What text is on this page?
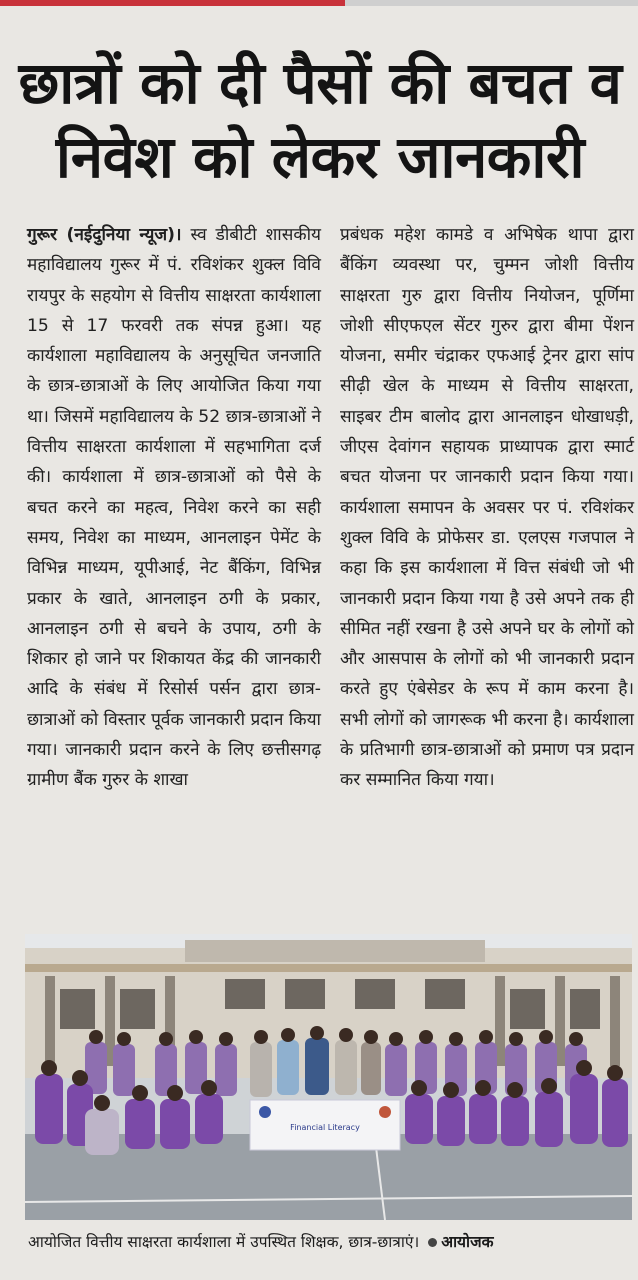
छात्रों को दी पैसों की बचत व निवेश को लेकर जानकारी

गुरूर (नईदुनिया न्यूज)। स्व डीबीटी शासकीय महाविद्यालय गुरूर में पं. रविशंकर शुक्ल विवि रायपुर के सहयोग से वित्तीय साक्षरता कार्यशाला 15 से 17 फरवरी तक संपन्न हुआ। यह कार्यशाला महाविद्यालय के अनुसूचित जनजाति के छात्र-छात्राओं के लिए आयोजित किया गया था। जिसमें महाविद्यालय के 52 छात्र-छात्राओं ने वित्तीय साक्षरता कार्यशाला में सहभागिता दर्ज की। कार्यशाला में छात्र-छात्राओं को पैसे के बचत करने का महत्व, निवेश करने का सही समय, निवेश का माध्यम, आनलाइन पेमेंट के विभिन्न माध्यम, यूपीआई, नेट बैंकिंग, विभिन्न प्रकार के खाते, आनलाइन ठगी के प्रकार, आनलाइन ठगी से बचने के उपाय, ठगी के शिकार हो जाने पर शिकायत केंद्र की जानकारी आदि के संबंध में रिसोर्स पर्सन द्वारा छात्र-छात्राओं को विस्तार पूर्वक जानकारी प्रदान किया गया। जानकारी प्रदान करने के लिए छत्तीसगढ़ ग्रामीण बैंक गुरुर के शाखा

प्रबंधक महेश कामडे व अभिषेक थापा द्वारा बैंकिंग व्यवस्था पर, चुम्मन जोशी वित्तीय साक्षरता गुरु द्वारा वित्तीय नियोजन, पूर्णिमा जोशी सीएफएल सेंटर गुरुर द्वारा बीमा पेंशन योजना, समीर चंद्राकर एफआई ट्रेनर द्वारा सांप सीढ़ी खेल के माध्यम से वित्तीय साक्षरता, साइबर टीम बालोद द्वारा आनलाइन धोखाधड़ी, जीएस देवांगन सहायक प्राध्यापक द्वारा स्मार्ट बचत योजना पर जानकारी प्रदान किया गया। कार्यशाला समापन के अवसर पर पं. रविशंकर शुक्ल विवि के प्रोफेसर डा. एलएस गजपाल ने कहा कि इस कार्यशाला में वित्त संबंधी जो भी जानकारी प्रदान किया गया है उसे अपने तक ही सीमित नहीं रखना है उसे अपने घर के लोगों को और आसपास के लोगों को भी जानकारी प्रदान करते हुए एंबेसेडर के रूप में काम करना है। सभी लोगों को जागरूक भी करना है। कार्यशाला के प्रतिभागी छात्र-छात्राओं को प्रमाण पत्र प्रदान कर सम्मानित किया गया।

Financial Literacy
आयोजित वित्तीय साक्षरता कार्यशाला में उपस्थित शिक्षक, छात्र-छात्राएं। आयोजक
